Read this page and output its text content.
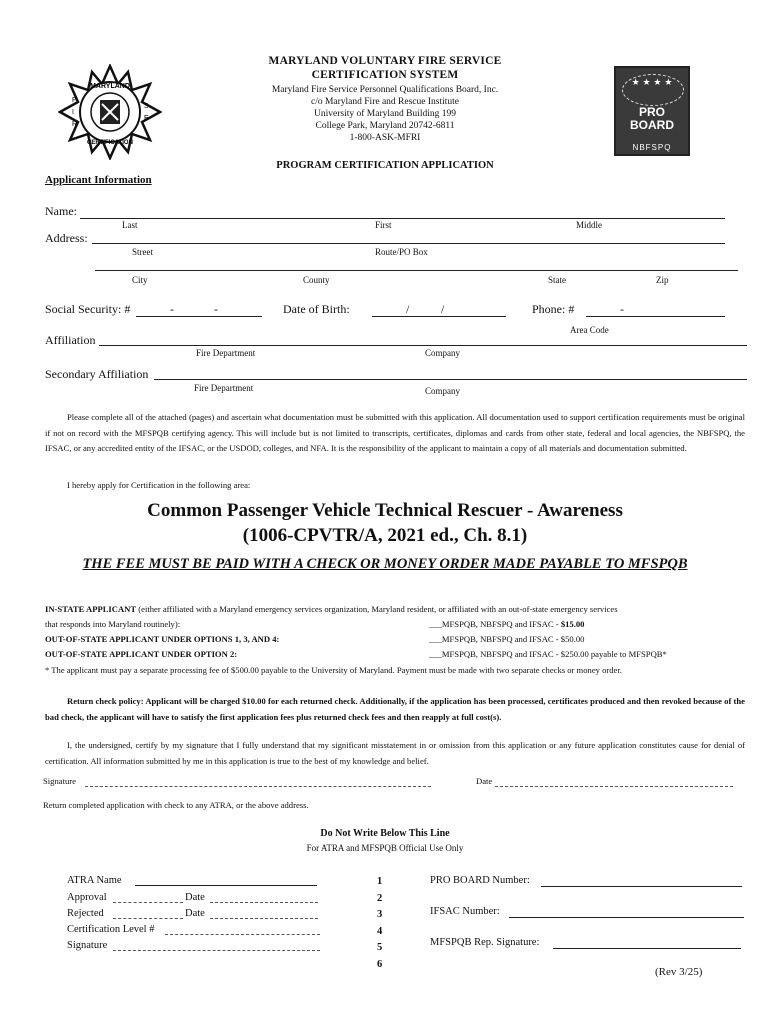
MARYLAND
CERTIFICATION
F
I
R
S
E
MARYLAND VOLUNTARY FIRE SERVICE
CERTIFICATION SYSTEM
Maryland Fire Service Personnel Qualifications Board, Inc.
c/o Maryland Fire and Rescue Institute
University of Maryland Building 199
College Park, Maryland 20742-6811
1-800-ASK-MFRI
★ ★ ★ ★
PRO
BOARD
NBFSPQ
PROGRAM CERTIFICATION APPLICATION
Applicant Information
Name:
Last	First	Middle
Address:
Street	Route/PO Box
City	County	State	Zip
Social Security: #	-	-	Date of Birth:	/	/	Phone: #	-
Area Code
Affiliation
Fire Department	Company
Secondary Affiliation
Fire Department	Company
Please complete all of the attached (pages) and ascertain what documentation must be submitted with this application. All documentation used to support certification requirements must be original if not on record with the MFSPQB certifying agency. This will include but is not limited to transcripts, certificates, diplomas and cards from other state, federal and local agencies, the NBFSPQ, the IFSAC, or any accredited entity of the IFSAC, or the USDOD, colleges, and NFA. It is the responsibility of the applicant to maintain a copy of all materials and documentation submitted.
I hereby apply for Certification in the following area:
Common Passenger Vehicle Technical Rescuer - Awareness
(1006-CPVTR/A, 2021 ed., Ch. 8.1)
THE FEE MUST BE PAID WITH A CHECK OR MONEY ORDER MADE PAYABLE TO MFSPQB
IN-STATE APPLICANT (either affiliated with a Maryland emergency services organization, Maryland resident, or affiliated with an out-of-state emergency services
that responds into Maryland routinely):	___MFSPQB, NBFSPQ and IFSAC - $15.00
OUT-OF-STATE APPLICANT UNDER OPTIONS 1, 3, AND 4:	___MFSPQB, NBFSPQ and IFSAC - $50.00
OUT-OF-STATE APPLICANT UNDER OPTION 2:	___MFSPQB, NBFSPQ and IFSAC - $250.00 payable to MFSPQB*
* The applicant must pay a separate processing fee of $500.00 payable to the University of Maryland. Payment must be made with two separate checks or money order.
Return check policy: Applicant will be charged $10.00 for each returned check. Additionally, if the application has been processed, certificates produced and then revoked because of the bad check, the applicant will have to satisfy the first application fees plus returned check fees and then reapply at full cost(s).
I, the undersigned, certify by my signature that I fully understand that my significant misstatement in or omission from this application or any future application constitutes cause for denial of certification. All information submitted by me in this application is true to the best of my knowledge and belief.
Signature	Date
Return completed application with check to any ATRA, or the above address.
Do Not Write Below This Line
For ATRA and MFSPQB Official Use Only
ATRA Name
Approval	Date
Rejected	Date
Certification Level #
Signature
1
2
3
4
5
6
PRO BOARD Number:
IFSAC Number:
MFSPQB Rep. Signature:
(Rev 3/25)
